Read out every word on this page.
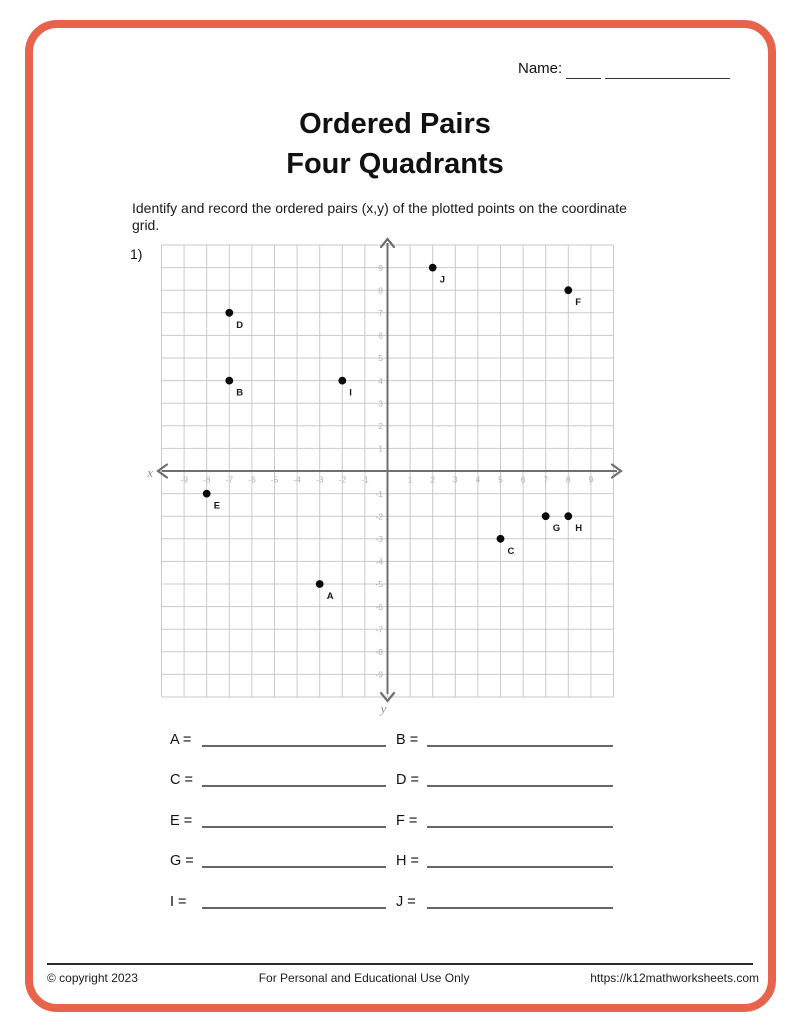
Name:
Ordered Pairs
Four Quadrants
Identify and record the ordered pairs (x,y) of the plotted points on the coordinate grid.
1)
-9 -8 -7 -6 -5 -4 -3 -2 -1	1 2 3 4 5 6 7 8 9
-9
-8
-7
-6
-5
-4
-3
-2
-1
1
2
3
4
5
6
7
8
9
x
y
A
B
C
D
E
F
G H
I
J
A =	B =
C =	D =
E =	F =
G =	H =
I =	J =
© copyright 2023	For Personal and Educational Use Only	https://k12mathworksheets.com
